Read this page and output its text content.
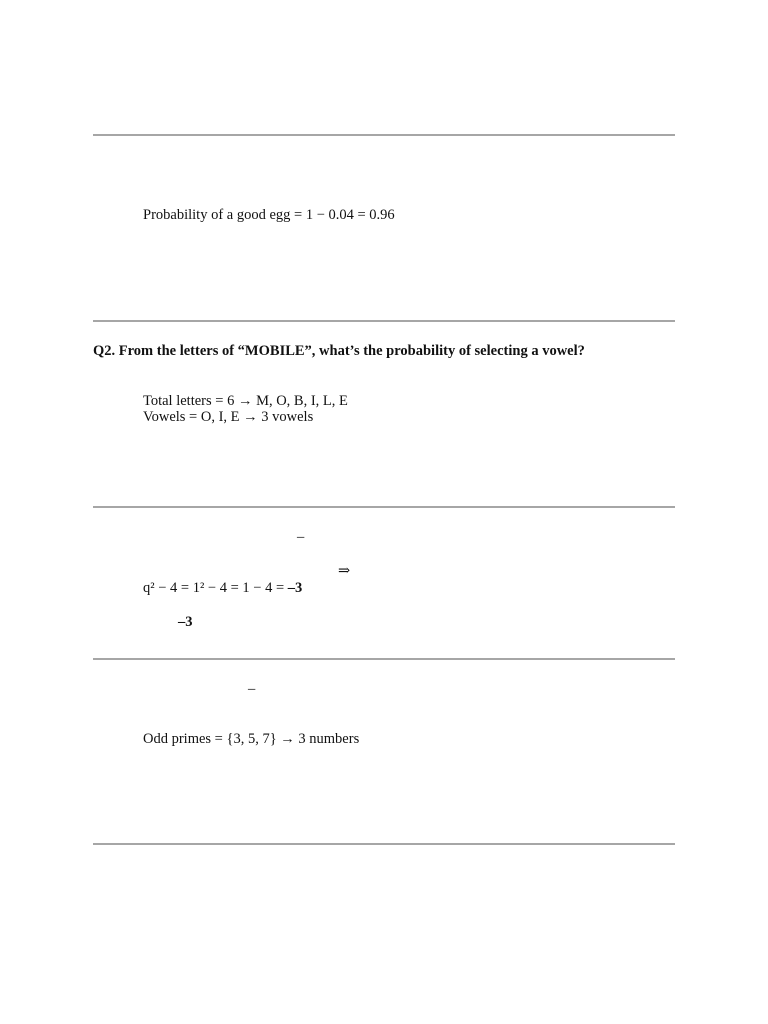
Probability of a good egg = 1 − 0.04 = 0.96
Q2. From the letters of “MOBILE”, what’s the probability of selecting a vowel?
Total letters = 6 → M, O, B, I, L, E
Vowels = O, I, E → 3 vowels
–
⇒
q² − 4 = 1² − 4 = 1 − 4 = –3
–3
–
Odd primes = {3, 5, 7} → 3 numbers
